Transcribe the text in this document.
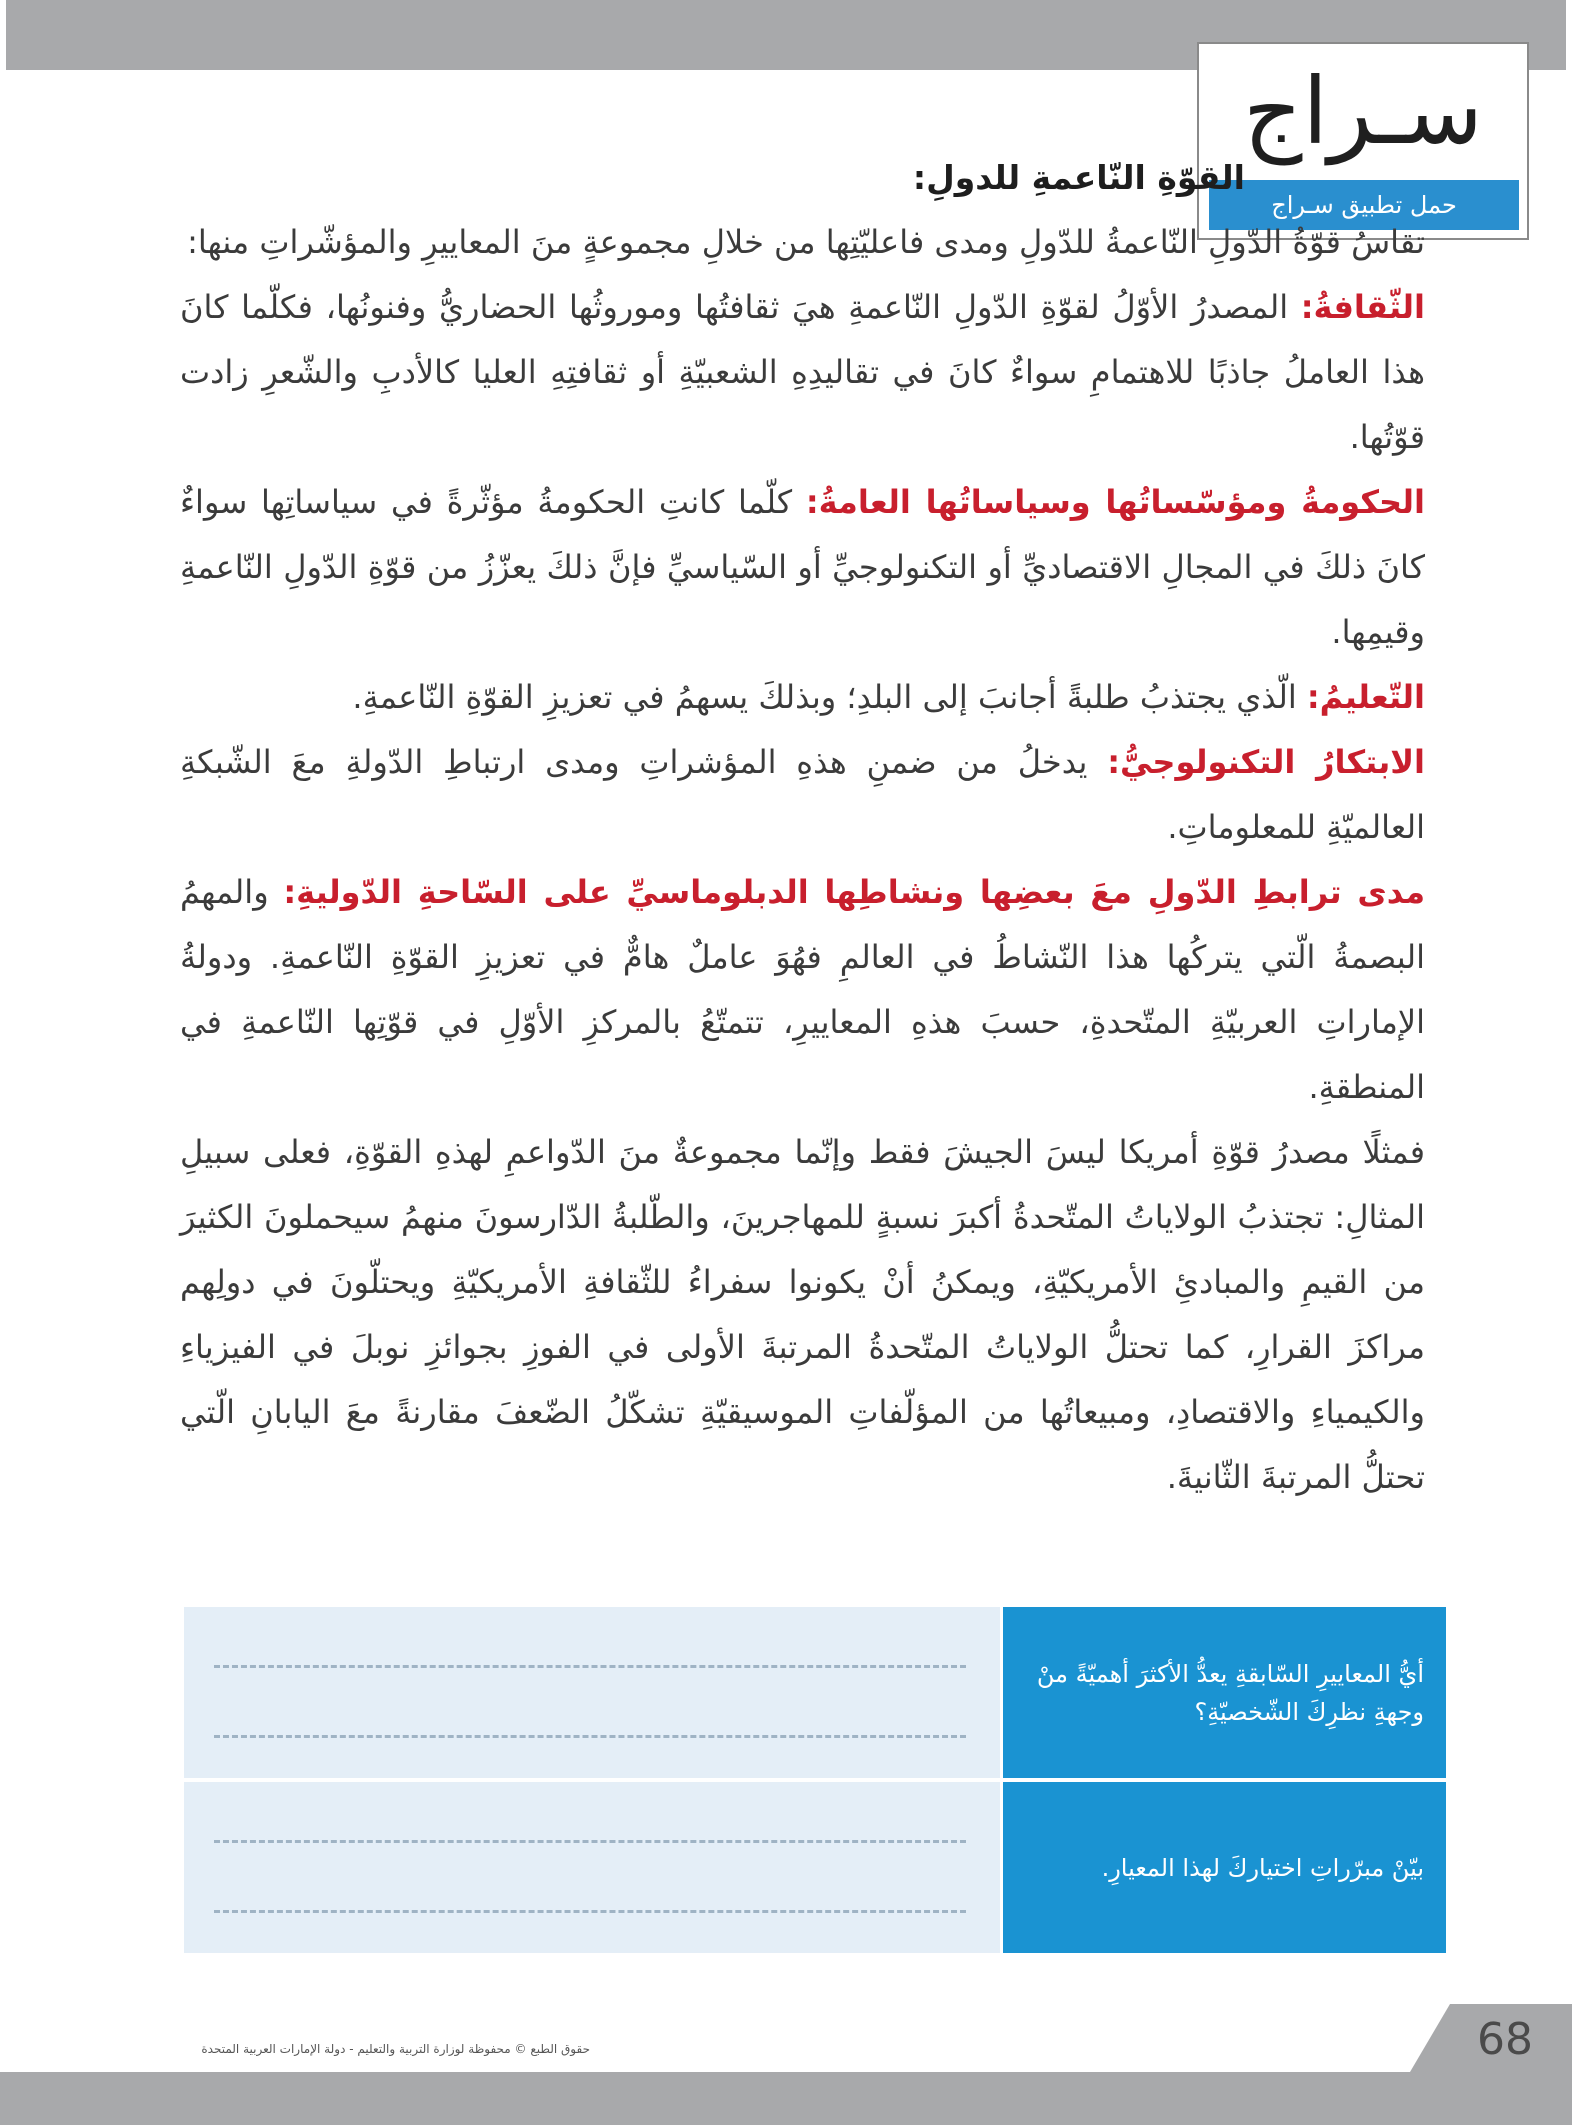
سـراج
حمل تطبيق سـراج

القوّةِ النّاعمةِ للدولِ:

تقاسُ قوّةُ الدّولِ النّاعمةُ للدّولِ ومدى فاعليّتِها من خلالِ مجموعةٍ منَ المعاييرِ والمؤشّراتِ منها:

الثّقافةُ: المصدرُ الأوّلُ لقوّةِ الدّولِ النّاعمةِ هيَ ثقافتُها وموروثُها الحضاريُّ وفنونُها، فكلّما كانَ هذا العاملُ جاذبًا للاهتمامِ سواءٌ كانَ في تقاليدِهِ الشعبيّةِ أو ثقافتِهِ العليا كالأدبِ والشّعرِ زادت قوّتُها.

الحكومةُ ومؤسّساتُها وسياساتُها العامةُ: كلّما كانتِ الحكومةُ مؤثّرةً في سياساتِها سواءٌ كانَ ذلكَ في المجالِ الاقتصاديِّ أو التكنولوجيِّ أو السّياسيِّ فإنَّ ذلكَ يعزّزُ من قوّةِ الدّولِ النّاعمةِ وقيمِها.

التّعليمُ: الّذي يجتذبُ طلبةً أجانبَ إلى البلدِ؛ وبذلكَ يسهمُ في تعزيزِ القوّةِ النّاعمةِ.

الابتكارُ التكنولوجيُّ: يدخلُ من ضمنِ هذهِ المؤشراتِ ومدى ارتباطِ الدّولةِ معَ الشّبكةِ العالميّةِ للمعلوماتِ.

مدى ترابطِ الدّولِ معَ بعضِها ونشاطِها الدبلوماسيِّ على السّاحةِ الدّوليةِ: والمهمُ البصمةُ الّتي يتركُها هذا النّشاطُ في العالمِ فهُوَ عاملٌ هامٌّ في تعزيزِ القوّةِ النّاعمةِ. ودولةُ الإماراتِ العربيّةِ المتّحدةِ، حسبَ هذهِ المعاييرِ، تتمتّعُ بالمركزِ الأوّلِ في قوّتِها النّاعمةِ في المنطقةِ.

فمثلًا مصدرُ قوّةِ أمريكا ليسَ الجيشَ فقط وإنّما مجموعةٌ منَ الدّواعمِ لهذهِ القوّةِ، فعلى سبيلِ المثالِ: تجتذبُ الولاياتُ المتّحدةُ أكبرَ نسبةٍ للمهاجرينَ، والطّلبةُ الدّارسونَ منهمُ سيحملونَ الكثيرَ من القيمِ والمبادئِ الأمريكيّةِ، ويمكنُ أنْ يكونوا سفراءُ للثّقافةِ الأمريكيّةِ ويحتلّونَ في دولِهم مراكزَ القرارِ، كما تحتلُّ الولاياتُ المتّحدةُ المرتبةَ الأولى في الفوزِ بجوائزِ نوبلَ في الفيزياءِ والكيمياءِ والاقتصادِ، ومبيعاتُها من المؤلّفاتِ الموسيقيّةِ تشكّلُ الضّعفَ مقارنةً معَ اليابانِ الّتي تحتلُّ المرتبةَ الثّانيةَ.

أيُّ المعاييرِ السّابقةِ يعدُّ الأكثرَ أهميّةً منْ وجهةِ نظرِكَ الشّخصيّةِ؟
بيّنْ مبرّراتِ اختياركَ لهذا المعيارِ.
حقوق الطبع © محفوظة لوزارة التربية والتعليم - دولة الإمارات العربية المتحدة	68
